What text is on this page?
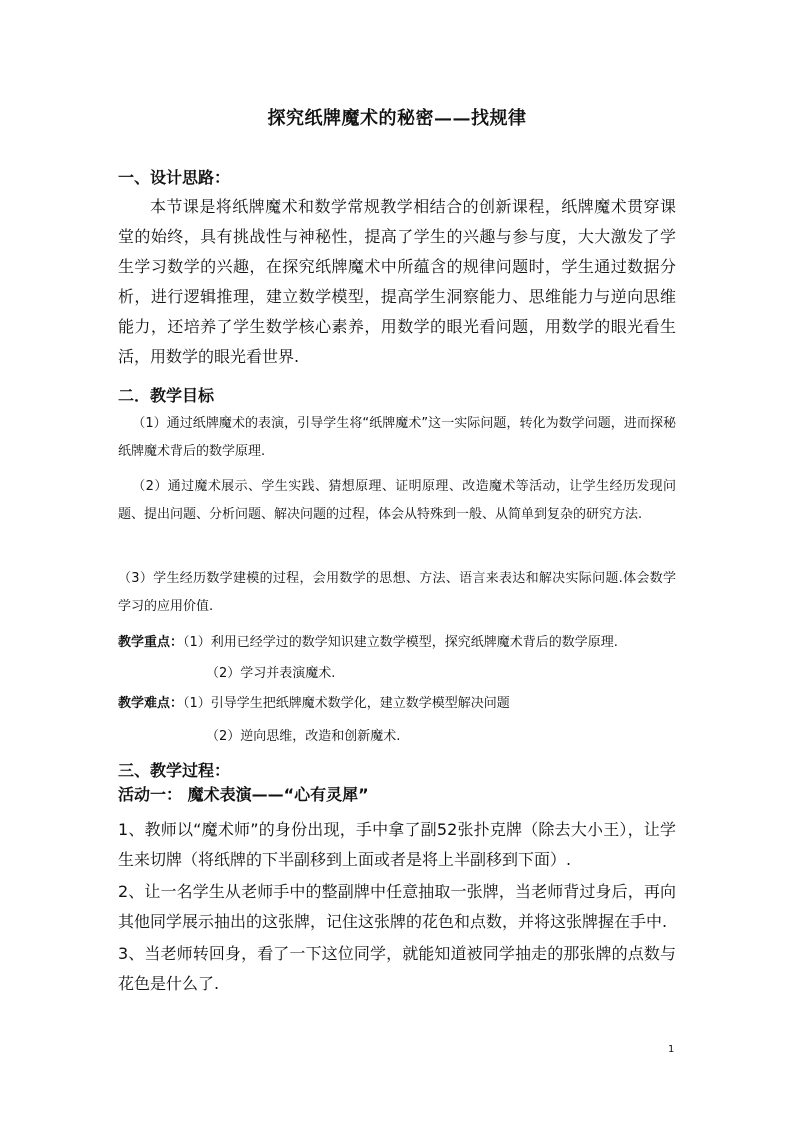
探究纸牌魔术的秘密——找规律
一、设计思路：

本节课是将纸牌魔术和数学常规教学相结合的创新课程，纸牌魔术贯穿课堂的始终，具有挑战性与神秘性，提高了学生的兴趣与参与度，大大激发了学生学习数学的兴趣，在探究纸牌魔术中所蕴含的规律问题时，学生通过数据分析，进行逻辑推理，建立数学模型，提高学生洞察能力、思维能力与逆向思维能力，还培养了学生数学核心素养，用数学的眼光看问题，用数学的眼光看生活，用数学的眼光看世界.

二．教学目标

（1）通过纸牌魔术的表演，引导学生将“纸牌魔术”这一实际问题，转化为数学问题，进而探秘纸牌魔术背后的数学原理.

（2）通过魔术展示、学生实践、猜想原理、证明原理、改造魔术等活动，让学生经历发现问题、提出问题、分析问题、解决问题的过程，体会从特殊到一般、从简单到复杂的研究方法.

（3）学生经历数学建模的过程，会用数学的思想、方法、语言来表达和解决实际问题.体会数学学习的应用价值.

教学重点：（1）利用已经学过的数学知识建立数学模型，探究纸牌魔术背后的数学原理.
（2）学习并表演魔术.
教学难点：（1）引导学生把纸牌魔术数学化，建立数学模型解决问题
（2）逆向思维，改造和创新魔术.
三、教学过程：
活动一： 魔术表演——“心有灵犀”

1、教师以“魔术师”的身份出现，手中拿了副52张扑克牌（除去大小王），让学生来切牌（将纸牌的下半副移到上面或者是将上半副移到下面）.

2、让一名学生从老师手中的整副牌中任意抽取一张牌，当老师背过身后，再向其他同学展示抽出的这张牌，记住这张牌的花色和点数，并将这张牌握在手中.

3、当老师转回身，看了一下这位同学，就能知道被同学抽走的那张牌的点数与花色是什么了.

1
